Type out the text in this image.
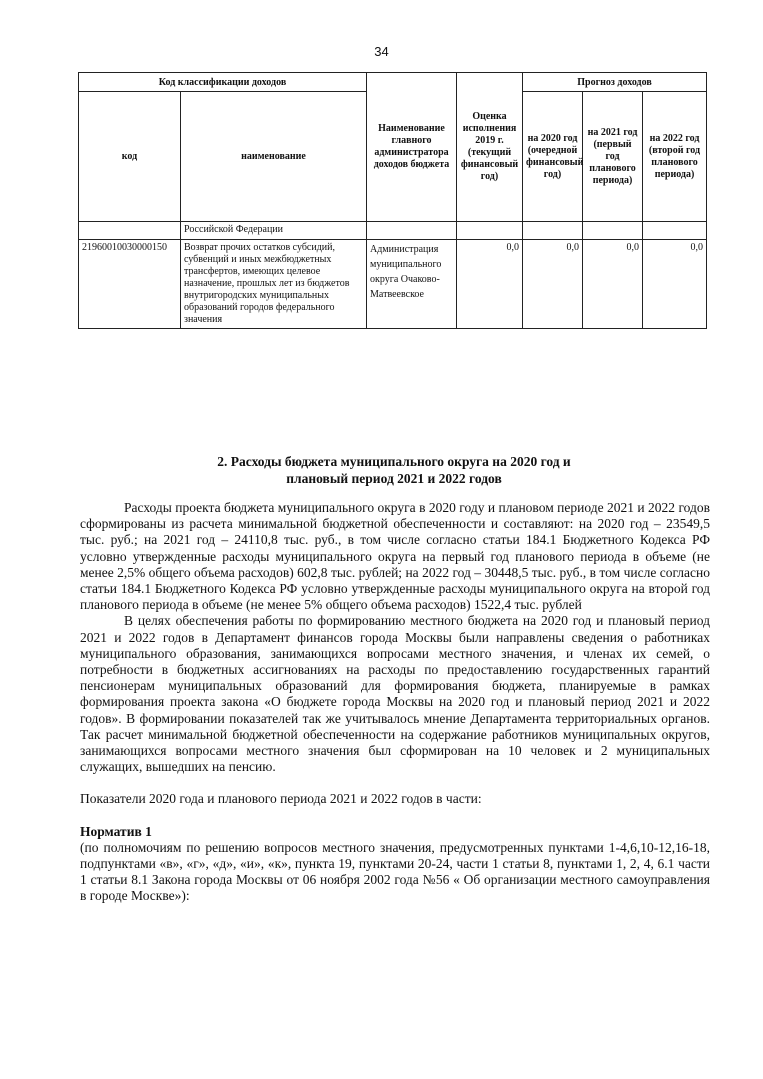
34
Код классификации доходов		Наименование главного администратора доходов бюджета	Оценка исполнения 2019 г. (текущий финансовый год)	Прогноз доходов		
код	наименование			на 2020 год (очередной финансовый год)	на 2021 год (первый год планового периода)	на 2022 год (второй год планового периода)
	Российской Федерации					
21960010030000150	Возврат прочих остатков субсидий, субвенций и иных межбюджетных трансфертов, имеющих целевое назначение, прошлых лет из бюджетов внутригородских муниципальных образований городов федерального значения	Администрация муниципального округа Очаково-Матвеевское	0,0	0,0	0,0	0,0
2. Расходы бюджета муниципального округа на 2020 год и
плановый период 2021 и 2022 годов

Расходы проекта бюджета муниципального округа в 2020 году и плановом периоде 2021 и 2022 годов сформированы из расчета минимальной бюджетной обеспеченности и составляют: на 2020 год – 23549,5 тыс. руб.; на 2021 год – 24110,8 тыс. руб., в том числе согласно статьи 184.1 Бюджетного Кодекса РФ условно утвержденные расходы муниципального округа на первый год планового периода в объеме (не менее 2,5% общего объема расходов) 602,8 тыс. рублей; на 2022 год – 30448,5 тыс. руб., в том числе согласно статьи 184.1 Бюджетного Кодекса РФ условно утвержденные расходы муниципального округа на второй год планового периода в объеме (не менее 5% общего объема расходов) 1522,4 тыс. рублей

В целях обеспечения работы по формированию местного бюджета на 2020 год и плановый период 2021 и 2022 годов в Департамент финансов города Москвы были направлены сведения о работниках муниципального образования, занимающихся вопросами местного значения, и членах их семей, о потребности в бюджетных ассигнованиях на расходы по предоставлению государственных гарантий пенсионерам муниципальных образований для формирования бюджета, планируемые в рамках формирования проекта закона «О бюджете города Москвы на 2020 год и плановый период 2021 и 2022 годов». В формировании показателей так же учитывалось мнение Департамента территориальных органов. Так расчет минимальной бюджетной обеспеченности на содержание работников муниципальных округов, занимающихся вопросами местного значения был сформирован на 10 человек и 2 муниципальных служащих, вышедших на пенсию.

Показатели 2020 года и планового периода 2021 и 2022 годов в части:

Норматив 1

(по полномочиям по решению вопросов местного значения, предусмотренных пунктами 1-4,6,10-12,16-18, подпунктами «в», «г», «д», «и», «к», пункта 19, пунктами 20-24, части 1 статьи 8, пунктами 1, 2, 4, 6.1 части 1 статьи 8.1 Закона города Москвы от 06 ноября 2002 года №56 « Об организации местного самоуправления в городе Москве»):
